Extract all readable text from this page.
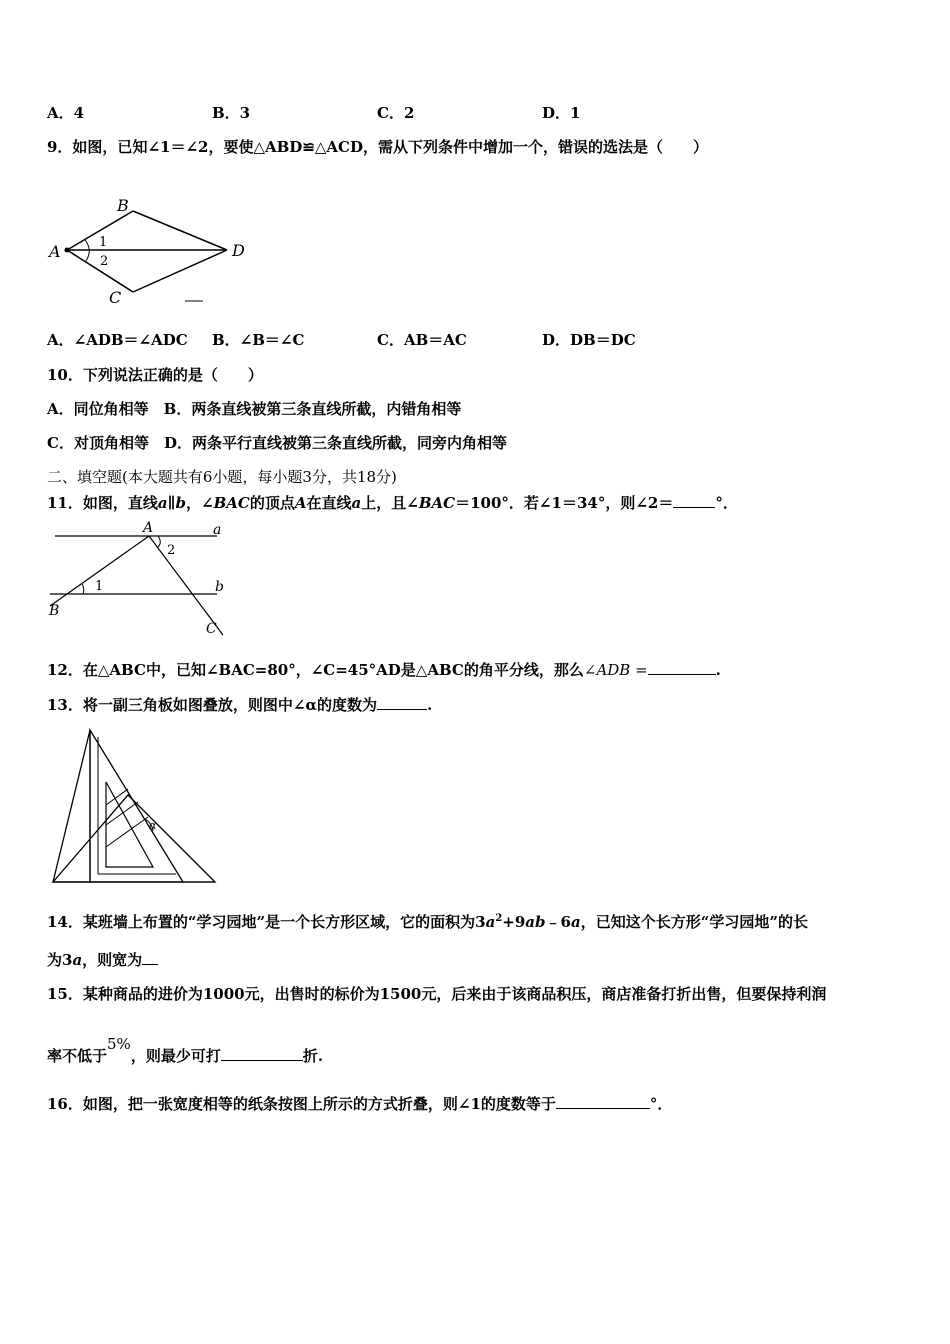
A．4	B．3	C．2	D．1
9．如图，已知∠1＝∠2，要使△ABD≌△ACD，需从下列条件中增加一个，错误的选法是（　　）
A
B
C
D
1
2
A．∠ADB＝∠ADC B．∠B＝∠C	C．AB＝AC	D．DB＝DC
10．下列说法正确的是（　　）
A．同位角相等　B．两条直线被第三条直线所截，内错角相等
C．对顶角相等　D．两条平行直线被第三条直线所截，同旁内角相等
二、填空题(本大题共有6小题，每小题3分，共18分)
11．如图，直线a∥b，∠BAC的顶点A在直线a上，且∠BAC＝100°．若∠1＝34°，则∠2＝	°．
A	a
2
1	b
B
C
12．在△ABC中，已知∠BAC=80°，∠C=45°AD是△ABC的角平分线，那么∠ADB =	.
13．将一副三角板如图叠放，则图中∠α的度数为	.
α
14．某班墙上布置的“学习园地”是一个长方形区域，它的面积为$3a^2+9ab﹣6a$，已知这个长方形“学习园地”的长
为3a，则宽为
15．某种商品的进价为1000元，出售时的标价为1500元，后来由于该商品积压，商店准备打折出售，但要保持利润
率不低于5%，则最少可打	折.
16．如图，把一张宽度相等的纸条按图上所示的方式折叠，则∠1的度数等于	°．
